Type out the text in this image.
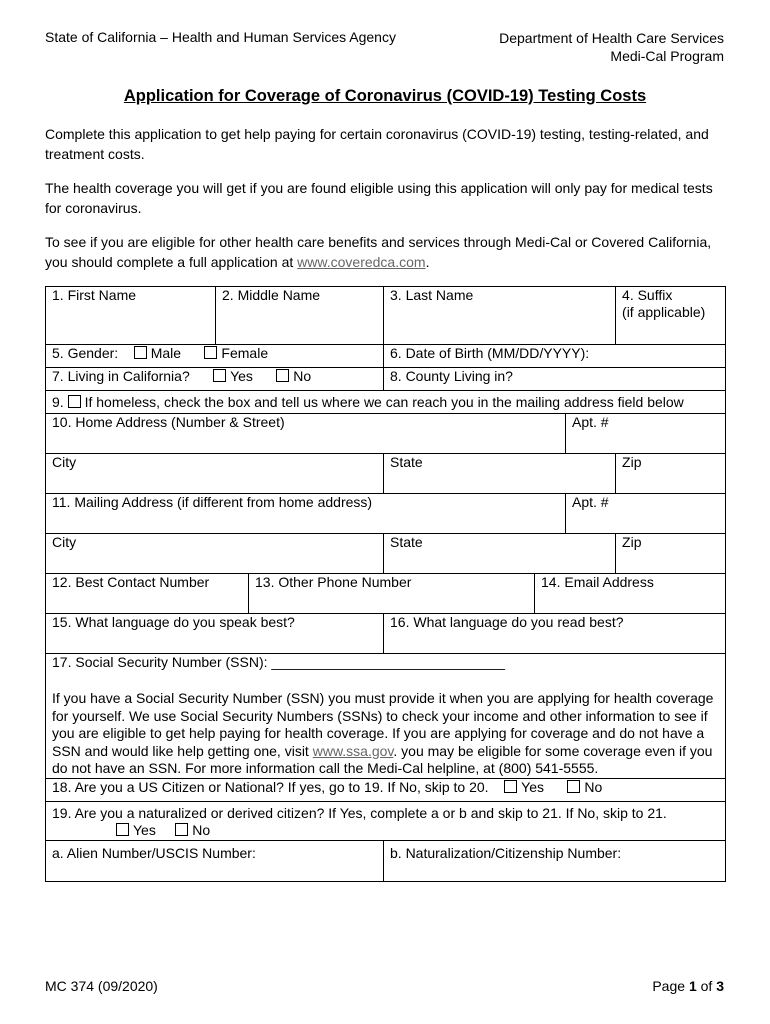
State of California – Health and Human Services Agency	Department of Health Care Services
Medi-Cal Program
Application for Coverage of Coronavirus (COVID-19) Testing Costs
Complete this application to get help paying for certain coronavirus (COVID-19) testing, testing-related, and treatment costs.
The health coverage you will get if you are found eligible using this application will only pay for medical tests for coronavirus.
To see if you are eligible for other health care benefits and services through Medi-Cal or Covered California, you should complete a full application at www.coveredca.com.
1. First Name	2. Middle Name		3. Last Name			4. Suffix
(if applicable)

5. Gender: Male Female			6. Date of Birth (MM/DD/YYYY):			
7. Living in California? Yes No			8. County Living in?			
9. If homeless, check the box and tell us where we can reach you in the mailing address field below						
10. Home Address (Number & Street)					Apt. #	
City			State			Zip
11. Mailing Address (if different from home address)					Apt. #	
City			State			Zip
12. Best Contact Number		13. Other Phone Number		14. Email Address		
15. What language do you speak best?			16. What language do you read best?			

17. Social Security Number (SSN): ______________________________
If you have a Social Security Number (SSN) you must provide it when you are applying for health coverage for yourself. We use Social Security Numbers (SSNs) to check your income and other information to see if you are eligible to get help paying for health coverage. If you are applying for coverage and do not have a SSN and would like help getting one, visit www.ssa.gov. you may be eligible for some coverage even if you do not have an SSN. For more information call the Medi-Cal helpline, at (800) 541-5555.						

18. Are you a US Citizen or National? If yes, go to 19. If No, skip to 20. Yes No						

19. Are you a naturalized or derived citizen? If Yes, complete a or b and skip to 21. If No, skip to 21.
Yes No						

a. Alien Number/USCIS Number:			b. Naturalization/Citizenship Number:			
MC 374 (09/2020)	Page 1 of 3
